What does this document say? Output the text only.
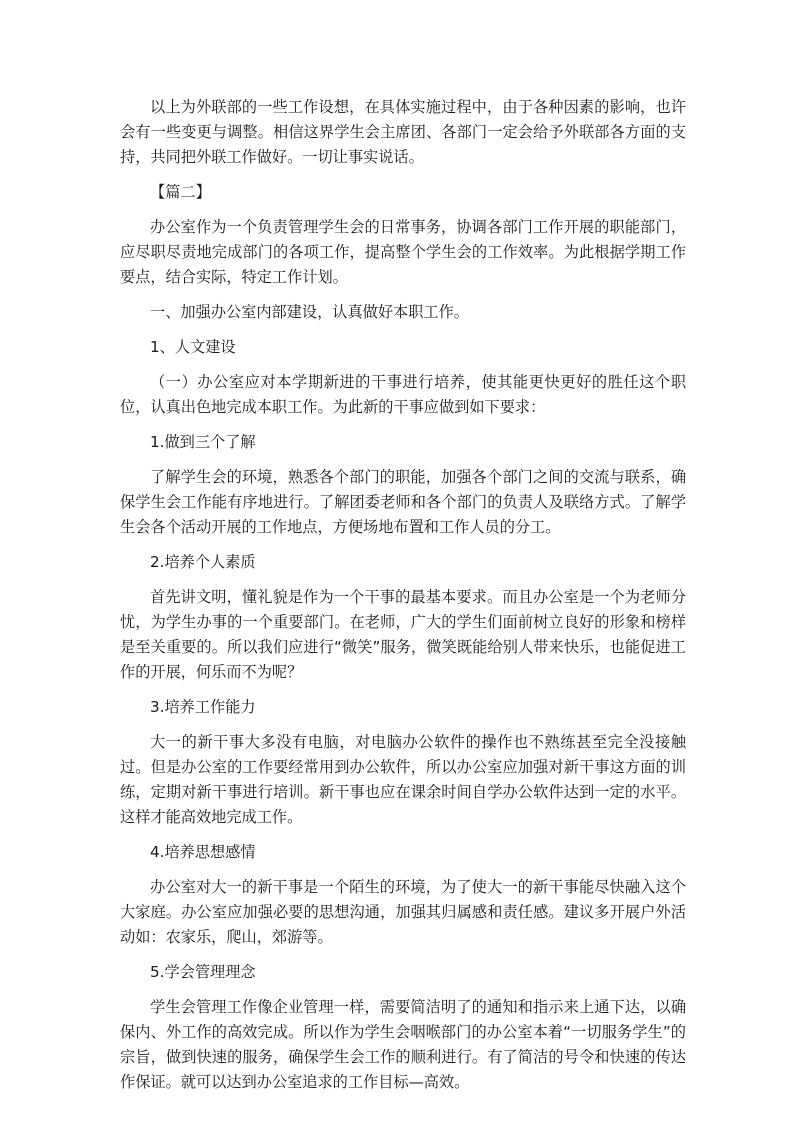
以上为外联部的一些工作设想，在具体实施过程中，由于各种因素的影响，也许会有一些变更与调整。相信这界学生会主席团、各部门一定会给予外联部各方面的支持，共同把外联工作做好。一切让事实说话。

【篇二】

办公室作为一个负责管理学生会的日常事务，协调各部门工作开展的职能部门，应尽职尽责地完成部门的各项工作，提高整个学生会的工作效率。为此根据学期工作要点，结合实际，特定工作计划。

一、加强办公室内部建设，认真做好本职工作。

1、人文建设

（一）办公室应对本学期新进的干事进行培养，使其能更快更好的胜任这个职位，认真出色地完成本职工作。为此新的干事应做到如下要求：

1.做到三个了解

了解学生会的环境，熟悉各个部门的职能，加强各个部门之间的交流与联系，确保学生会工作能有序地进行。了解团委老师和各个部门的负责人及联络方式。了解学生会各个活动开展的工作地点，方便场地布置和工作人员的分工。

2.培养个人素质

首先讲文明，懂礼貌是作为一个干事的最基本要求。而且办公室是一个为老师分忧，为学生办事的一个重要部门。在老师，广大的学生们面前树立良好的形象和榜样是至关重要的。所以我们应进行“微笑”服务，微笑既能给别人带来快乐，也能促进工作的开展，何乐而不为呢？

3.培养工作能力

大一的新干事大多没有电脑，对电脑办公软件的操作也不熟练甚至完全没接触过。但是办公室的工作要经常用到办公软件，所以办公室应加强对新干事这方面的训练，定期对新干事进行培训。新干事也应在课余时间自学办公软件达到一定的水平。这样才能高效地完成工作。

4.培养思想感情

办公室对大一的新干事是一个陌生的环境，为了使大一的新干事能尽快融入这个大家庭。办公室应加强必要的思想沟通，加强其归属感和责任感。建议多开展户外活动如：农家乐，爬山，郊游等。

5.学会管理理念

学生会管理工作像企业管理一样，需要简洁明了的通知和指示来上通下达，以确保内、外工作的高效完成。所以作为学生会咽喉部门的办公室本着“一切服务学生”的宗旨，做到快速的服务，确保学生会工作的顺利进行。有了简洁的号令和快速的传达作保证。就可以达到办公室追求的工作目标—高效。
